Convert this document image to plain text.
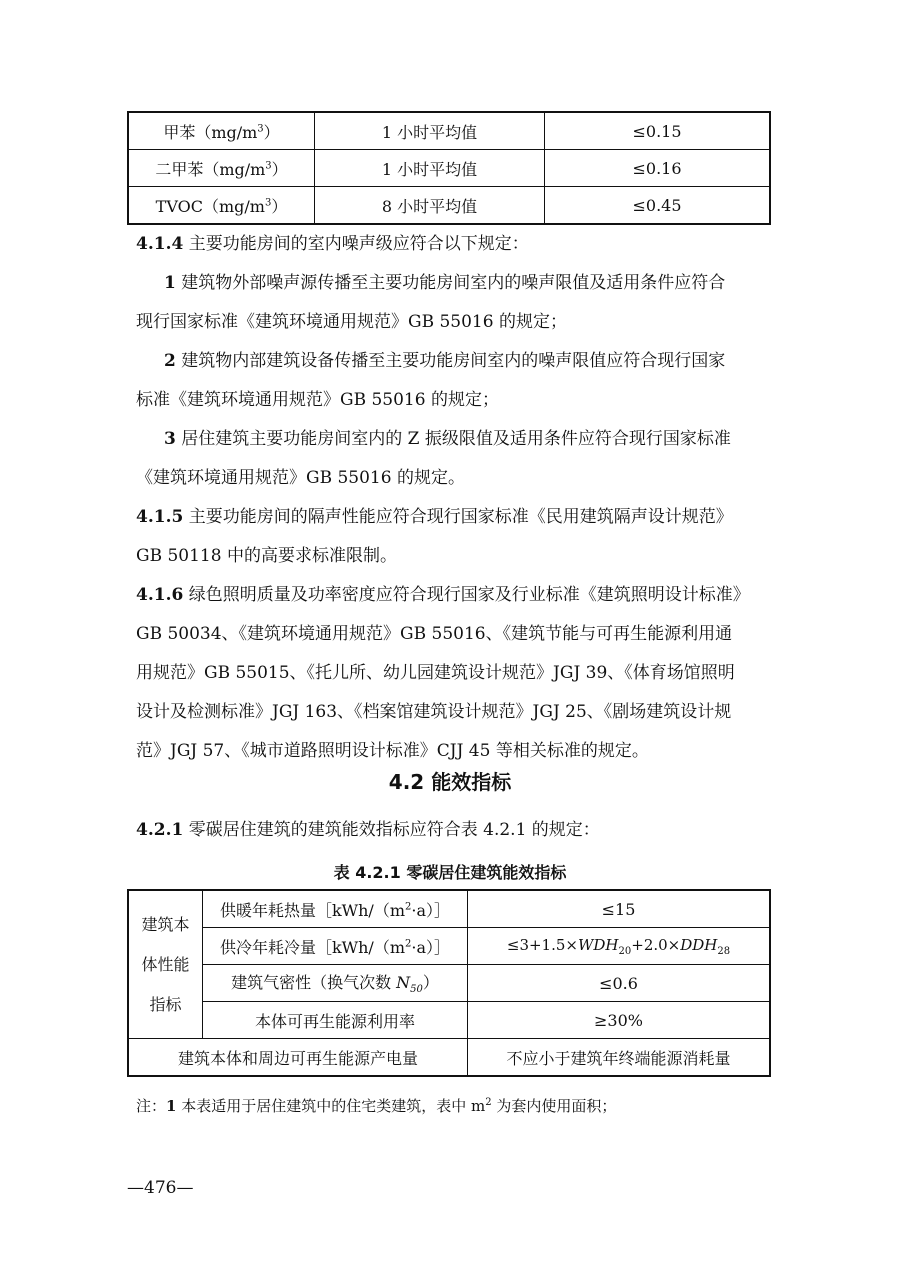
甲苯$(mg/m^3)$	1 小时平均值	≤0.15
二甲苯$(mg/m^3)$	1 小时平均值	≤0.16
$TVOC(mg/m^3)$	8 小时平均值	≤0.45
4.1.4 主要功能房间的室内噪声级应符合以下规定：
1 建筑物外部噪声源传播至主要功能房间室内的噪声限值及适用条件应符合
现行国家标准《建筑环境通用规范》GB 55016 的规定；
2 建筑物内部建筑设备传播至主要功能房间室内的噪声限值应符合现行国家
标准《建筑环境通用规范》GB 55016 的规定；
3 居住建筑主要功能房间室内的 Z 振级限值及适用条件应符合现行国家标准
《建筑环境通用规范》GB 55016 的规定。
4.1.5 主要功能房间的隔声性能应符合现行国家标准《民用建筑隔声设计规范》
GB 50118 中的高要求标准限制。
4.1.6 绿色照明质量及功率密度应符合现行国家及行业标准《建筑照明设计标准》
GB 50034、《建筑环境通用规范》GB 55016、《建筑节能与可再生能源利用通
用规范》GB 55015、《托儿所、幼儿园建筑设计规范》JGJ 39、《体育场馆照明
设计及检测标准》JGJ 163、《档案馆建筑设计规范》JGJ 25、《剧场建筑设计规
范》JGJ 57、《城市道路照明设计标准》CJJ 45 等相关标准的规定。
4.2 能效指标
4.2.1 零碳居住建筑的建筑能效指标应符合表 4.2.1 的规定：
表 4.2.1 零碳居住建筑能效指标
建筑本
体性能
指标	供暖年耗热量$[kWh/(m^2\cdot a)]$	≤15
	供冷年耗冷量$[kWh/(m^2\cdot a)]$	$\le 3+1.5\times WDH_{20}+2.0\times DDH_{28}$
	建筑气密性（换气次数 $N_{50}$）	≤0.6
	本体可再生能源利用率	≥30%
建筑本体和周边可再生能源产电量		不应小于建筑年终端能源消耗量
注：1 本表适用于居住建筑中的住宅类建筑，表中 $m^2$ 为套内使用面积；
—476—
